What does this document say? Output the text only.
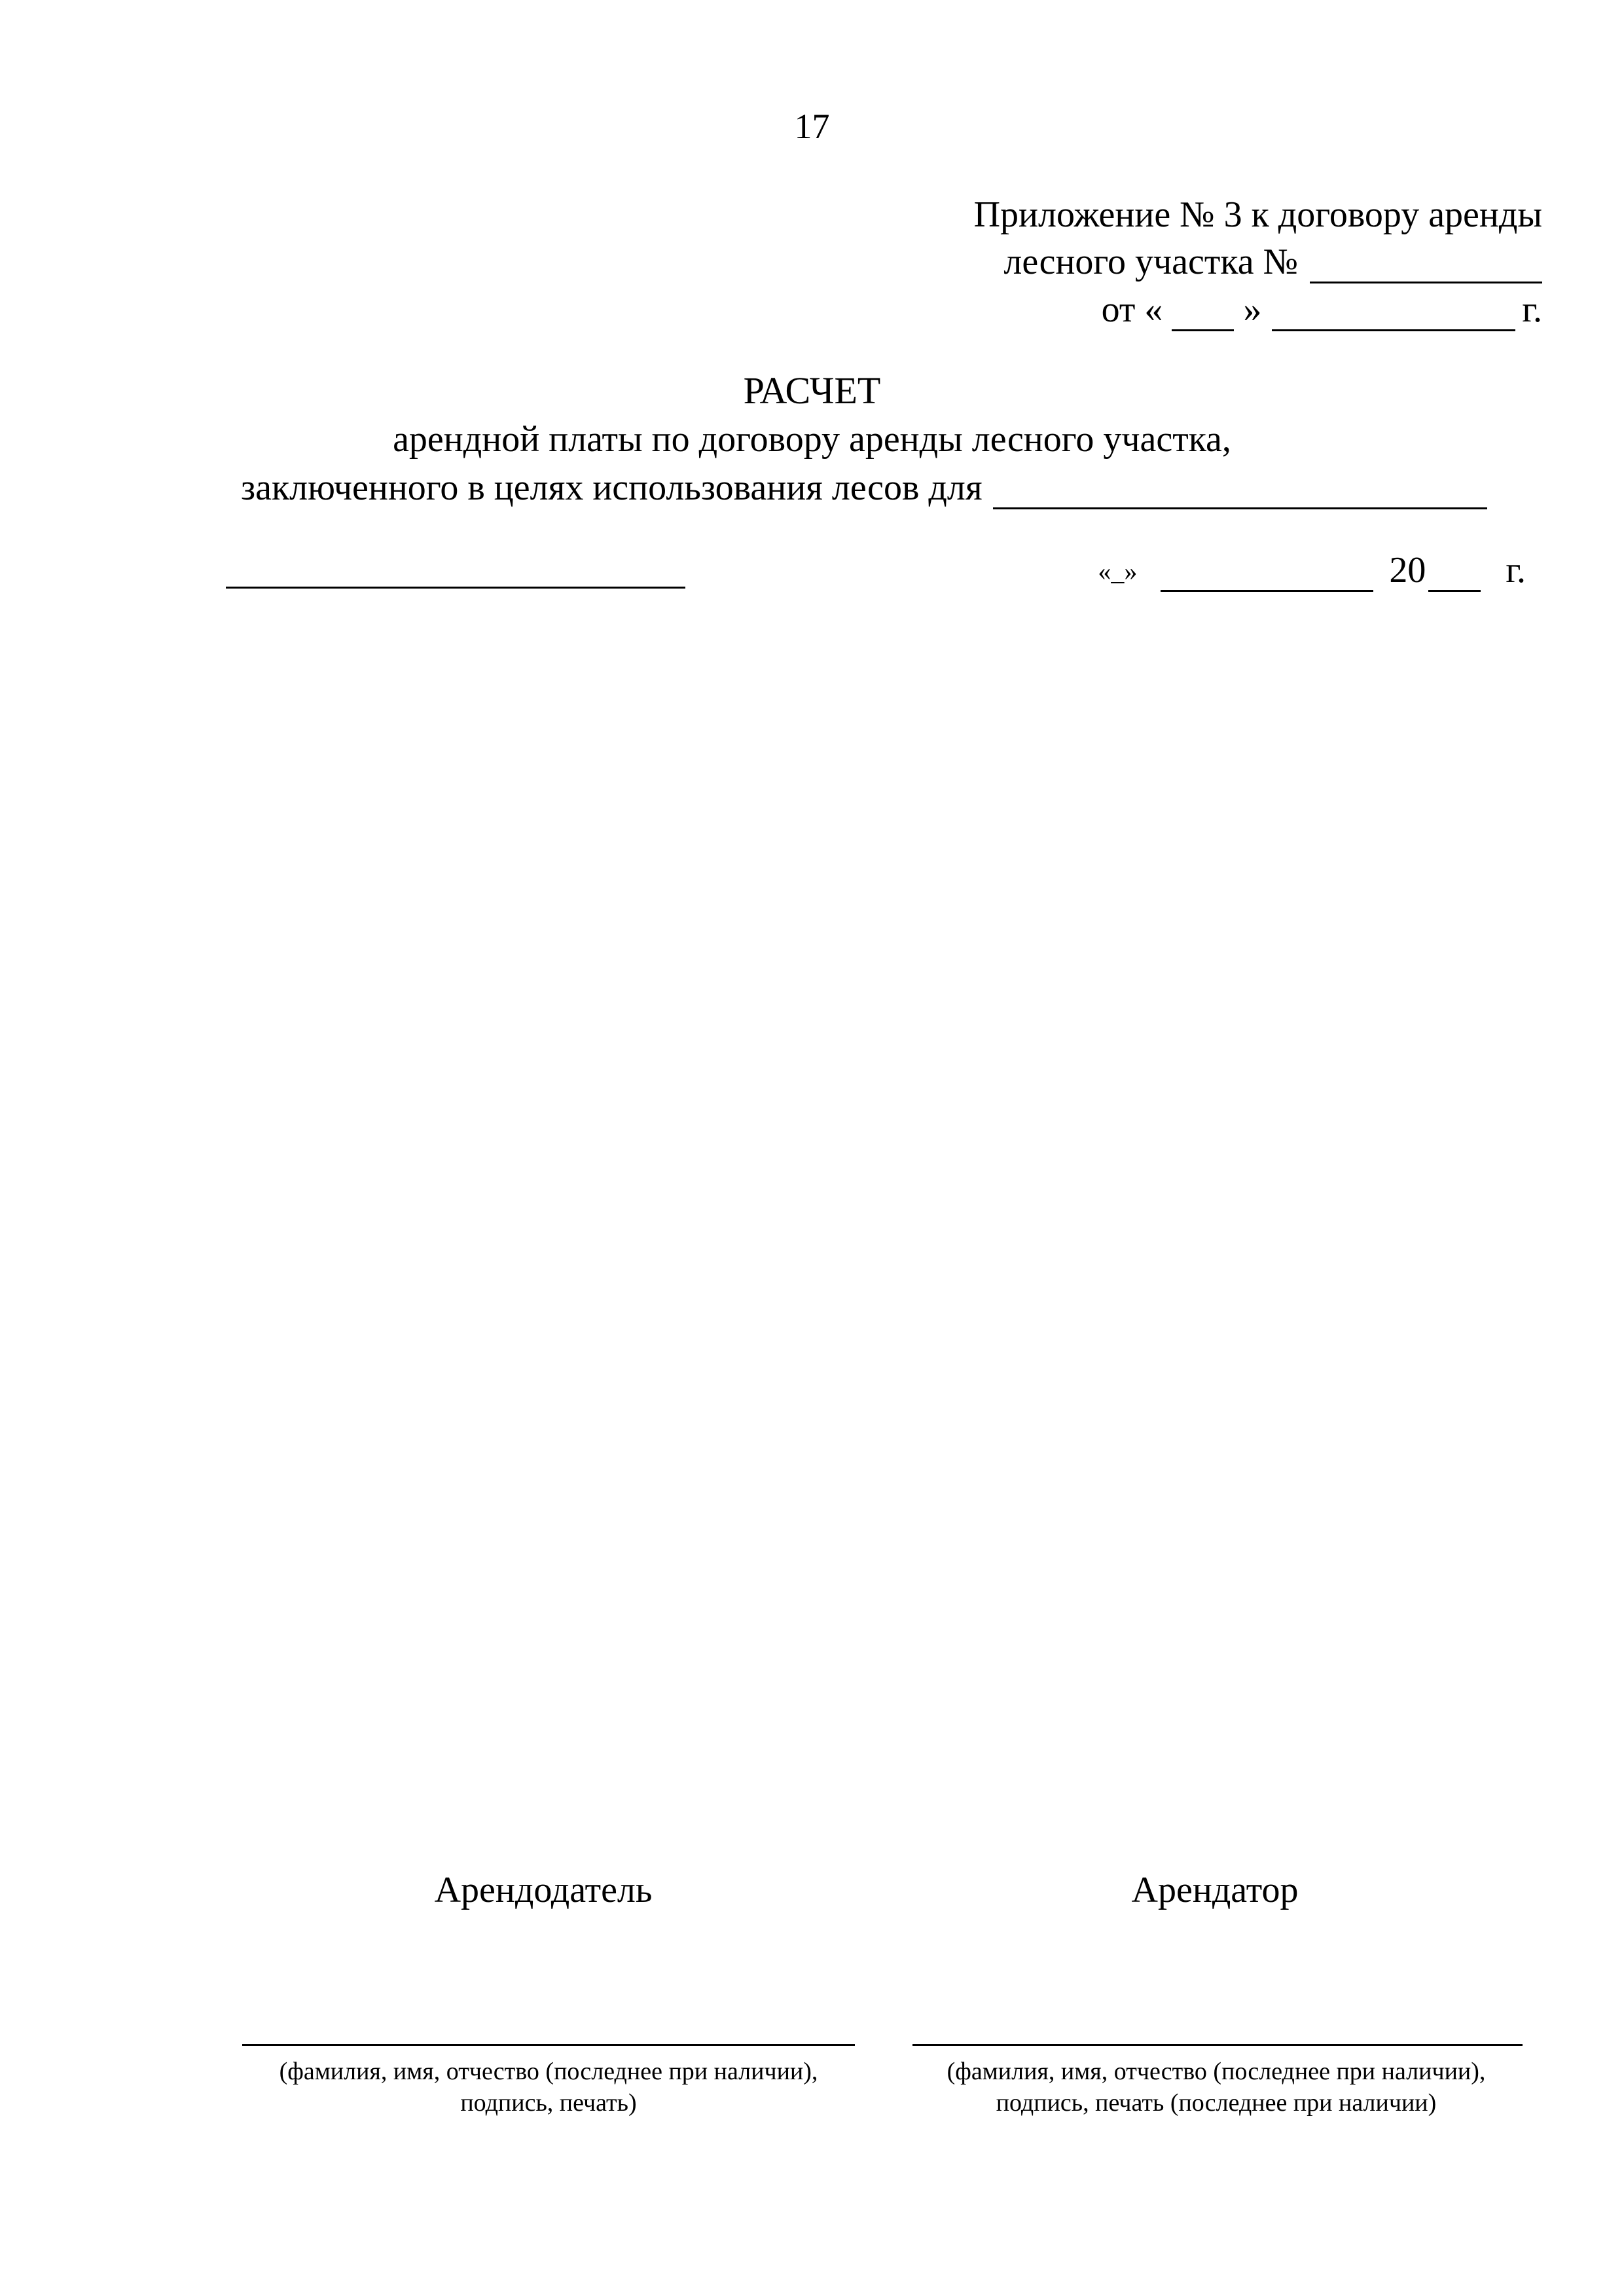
17
Приложение № 3 к договору аренды
лесного участка №
от « »	г.
РАСЧЕТ
арендной платы по договору аренды лесного участка,
заключенного в целях использования лесов для
«_»	20 г.
Арендодатель	Арендатор
(фамилия, имя, отчество (последнее при наличии),
подпись, печать)
(фамилия, имя, отчество (последнее при наличии),
подпись, печать (последнее при наличии)
